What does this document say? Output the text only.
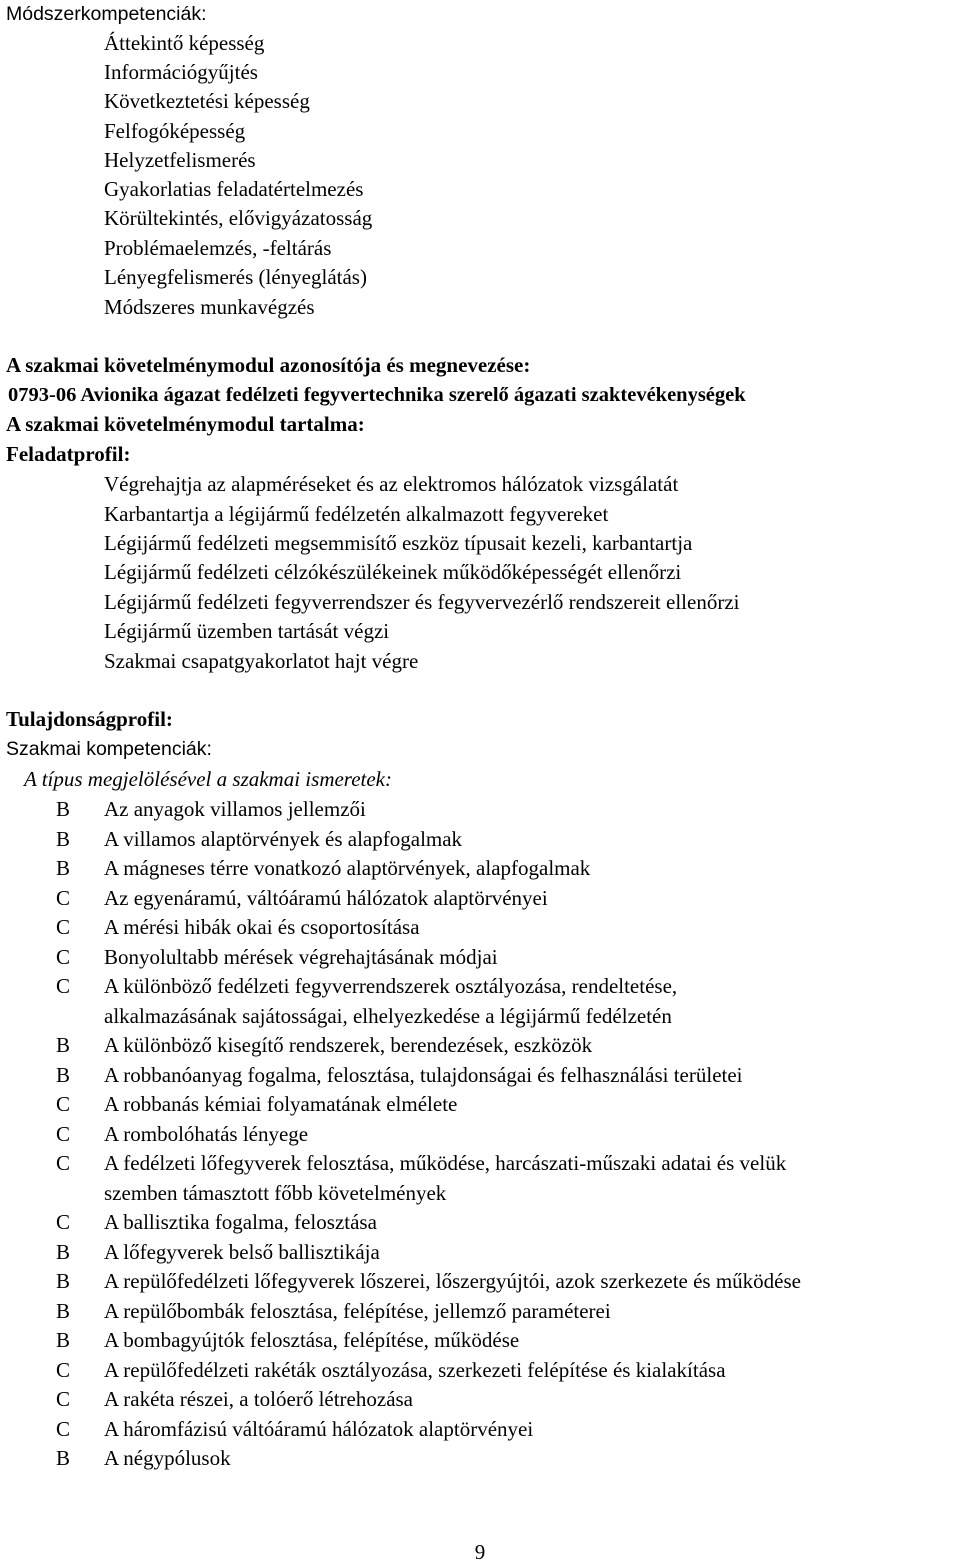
Módszerkompetenciák:
Áttekintő képesség
Információgyűjtés
Következtetési képesség
Felfogóképesség
Helyzetfelismerés
Gyakorlatias feladatértelmezés
Körültekintés, elővigyázatosság
Problémaelemzés, -feltárás
Lényegfelismerés (lényeglátás)
Módszeres munkavégzés
A szakmai követelménymodul azonosítója és megnevezése:
0793-06 Avionika ágazat fedélzeti fegyvertechnika szerelő ágazati szaktevékenységek
A szakmai követelménymodul tartalma:
Feladatprofil:
Végrehajtja az alapméréseket és az elektromos hálózatok vizsgálatát
Karbantartja a légijármű fedélzetén alkalmazott fegyvereket
Légijármű fedélzeti megsemmisítő eszköz típusait kezeli, karbantartja
Légijármű fedélzeti célzókészülékeinek működőképességét ellenőrzi
Légijármű fedélzeti fegyverrendszer és fegyvervezérlő rendszereit ellenőrzi
Légijármű üzemben tartását végzi
Szakmai csapatgyakorlatot hajt végre
Tulajdonságprofil:
Szakmai kompetenciák:
A típus megjelölésével a szakmai ismeretek:
B Az anyagok villamos jellemzői
B A villamos alaptörvények és alapfogalmak
B A mágneses térre vonatkozó alaptörvények, alapfogalmak
C Az egyenáramú, váltóáramú hálózatok alaptörvényei
C A mérési hibák okai és csoportosítása
C Bonyolultabb mérések végrehajtásának módjai
C A különböző fedélzeti fegyverrendszerek osztályozása, rendeltetése,
alkalmazásának sajátosságai, elhelyezkedése a légijármű fedélzetén
B A különböző kisegítő rendszerek, berendezések, eszközök
B A robbanóanyag fogalma, felosztása, tulajdonságai és felhasználási területei
C A robbanás kémiai folyamatának elmélete
C A rombolóhatás lényege
C A fedélzeti lőfegyverek felosztása, működése, harcászati-műszaki adatai és velük
szemben támasztott főbb követelmények
C A ballisztika fogalma, felosztása
B A lőfegyverek belső ballisztikája
B A repülőfedélzeti lőfegyverek lőszerei, lőszergyújtói, azok szerkezete és működése
B A repülőbombák felosztása, felépítése, jellemző paraméterei
B A bombagyújtók felosztása, felépítése, működése
C A repülőfedélzeti rakéták osztályozása, szerkezeti felépítése és kialakítása
C A rakéta részei, a tolóerő létrehozása
C A háromfázisú váltóáramú hálózatok alaptörvényei
B A négypólusok
9
